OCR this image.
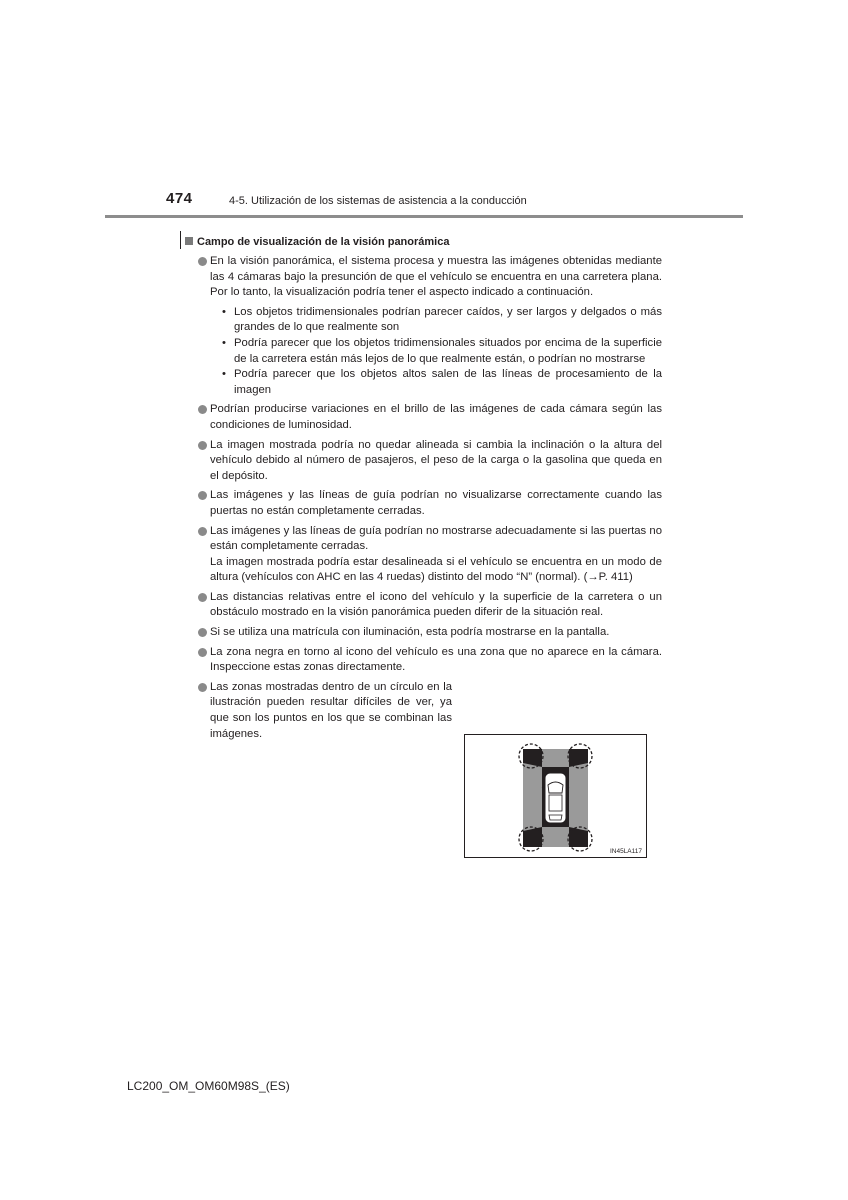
474	4-5. Utilización de los sistemas de asistencia a la conducción
Campo de visualización de la visión panorámica
En la visión panorámica, el sistema procesa y muestra las imágenes obtenidas mediante las 4 cámaras bajo la presunción de que el vehículo se encuentra en una carretera plana. Por lo tanto, la visualización podría tener el aspecto indicado a continuación.
• Los objetos tridimensionales podrían parecer caídos, y ser largos y delgados o más grandes de lo que realmente son
• Podría parecer que los objetos tridimensionales situados por encima de la superficie de la carretera están más lejos de lo que realmente están, o podrían no mostrarse
• Podría parecer que los objetos altos salen de las líneas de procesamiento de la imagen
Podrían producirse variaciones en el brillo de las imágenes de cada cámara según las condiciones de luminosidad.
La imagen mostrada podría no quedar alineada si cambia la inclinación o la altura del vehículo debido al número de pasajeros, el peso de la carga o la gasolina que queda en el depósito.
Las imágenes y las líneas de guía podrían no visualizarse correctamente cuando las puertas no están completamente cerradas.
Las imágenes y las líneas de guía podrían no mostrarse adecuadamente si las puertas no están completamente cerradas.
La imagen mostrada podría estar desalineada si el vehículo se encuentra en un modo de altura (vehículos con AHC en las 4 ruedas) distinto del modo “N” (normal). (→P. 411)
Las distancias relativas entre el icono del vehículo y la superficie de la carretera o un obstáculo mostrado en la visión panorámica pueden diferir de la situación real.
Si se utiliza una matrícula con iluminación, esta podría mostrarse en la pantalla.
La zona negra en torno al icono del vehículo es una zona que no aparece en la cámara. Inspeccione estas zonas directamente.
Las zonas mostradas dentro de un círculo en la ilustración pueden resultar difíciles de ver, ya que son los puntos en los que se combinan las imágenes.
IN45LA117
LC200_OM_OM60M98S_(ES)
